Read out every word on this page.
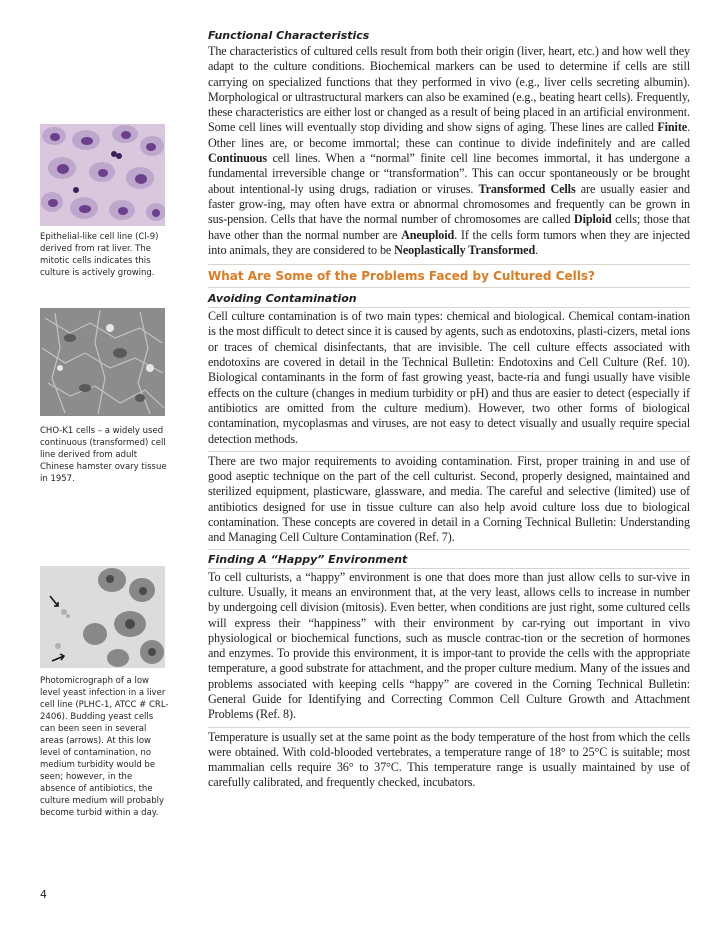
Epithelial-like cell line (Cl-9) derived from rat liver. The mitotic cells indicates this culture is actively growing.
CHO-K1 cells – a widely used continuous (transformed) cell line derived from adult Chinese hamster ovary tissue in 1957.
Photomicrograph of a low level yeast infection in a liver cell line (PLHC-1, ATCC # CRL-2406). Budding yeast cells can been seen in several areas (arrows). At this low level of contamination, no medium turbidity would be seen; however, in the absence of antibiotics, the culture medium will probably become turbid within a day.

Functional Characteristics

The characteristics of cultured cells result from both their origin (liver, heart, etc.) and how well they adapt to the culture conditions. Biochemical markers can be used to determine if cells are still carrying on specialized functions that they performed in vivo (e.g., liver cells secreting albumin). Morphological or ultrastructural markers can also be examined (e.g., beating heart cells). Frequently, these characteristics are either lost or changed as a result of being placed in an artificial environment. Some cell lines will eventually stop dividing and show signs of aging. These lines are called Finite. Other lines are, or become immortal; these can continue to divide indefinitely and are called Continuous cell lines. When a “normal” finite cell line becomes immortal, it has undergone a fundamental irreversible change or “transformation”. This can occur spontaneously or be brought about intentional-ly using drugs, radiation or viruses. Transformed Cells are usually easier and faster grow-ing, may often have extra or abnormal chromosomes and frequently can be grown in sus-pension. Cells that have the normal number of chromosomes are called Diploid cells; those that have other than the normal number are Aneuploid. If the cells form tumors when they are injected into animals, they are considered to be Neoplastically Transformed.

What Are Some of the Problems Faced by Cultured Cells?

Avoiding Contamination

Cell culture contamination is of two main types: chemical and biological. Chemical contam-ination is the most difficult to detect since it is caused by agents, such as endotoxins, plasti-cizers, metal ions or traces of chemical disinfectants, that are invisible. The cell culture effects associated with endotoxins are covered in detail in the Technical Bulletin: Endotoxins and Cell Culture (Ref. 10). Biological contaminants in the form of fast growing yeast, bacte-ria and fungi usually have visible effects on the culture (changes in medium turbidity or pH) and thus are easier to detect (especially if antibiotics are omitted from the culture medium). However, two other forms of biological contamination, mycoplasmas and viruses, are not easy to detect visually and usually require special detection methods.

There are two major requirements to avoiding contamination. First, proper training in and use of good aseptic technique on the part of the cell culturist. Second, properly designed, maintained and sterilized equipment, plasticware, glassware, and media. The careful and selective (limited) use of antibiotics designed for use in tissue culture can also help avoid culture loss due to biological contamination. These concepts are covered in detail in a Corning Technical Bulletin: Understanding and Managing Cell Culture Contamination (Ref. 7).

Finding A “Happy” Environment

To cell culturists, a “happy” environment is one that does more than just allow cells to sur-vive in culture. Usually, it means an environment that, at the very least, allows cells to increase in number by undergoing cell division (mitosis). Even better, when conditions are just right, some cultured cells will express their “happiness” with their environment by car-rying out important in vivo physiological or biochemical functions, such as muscle contrac-tion or the secretion of hormones and enzymes. To provide this environment, it is impor-tant to provide the cells with the appropriate temperature, a good substrate for attachment, and the proper culture medium. Many of the issues and problems associated with keeping cells “happy” are covered in the Corning Technical Bulletin: General Guide for Identifying and Correcting Common Cell Culture Growth and Attachment Problems (Ref. 8).

Temperature is usually set at the same point as the body temperature of the host from which the cells were obtained. With cold-blooded vertebrates, a temperature range of 18° to 25°C is suitable; most mammalian cells require 36° to 37°C. This temperature range is usually maintained by use of carefully calibrated, and frequently checked, incubators.

4
